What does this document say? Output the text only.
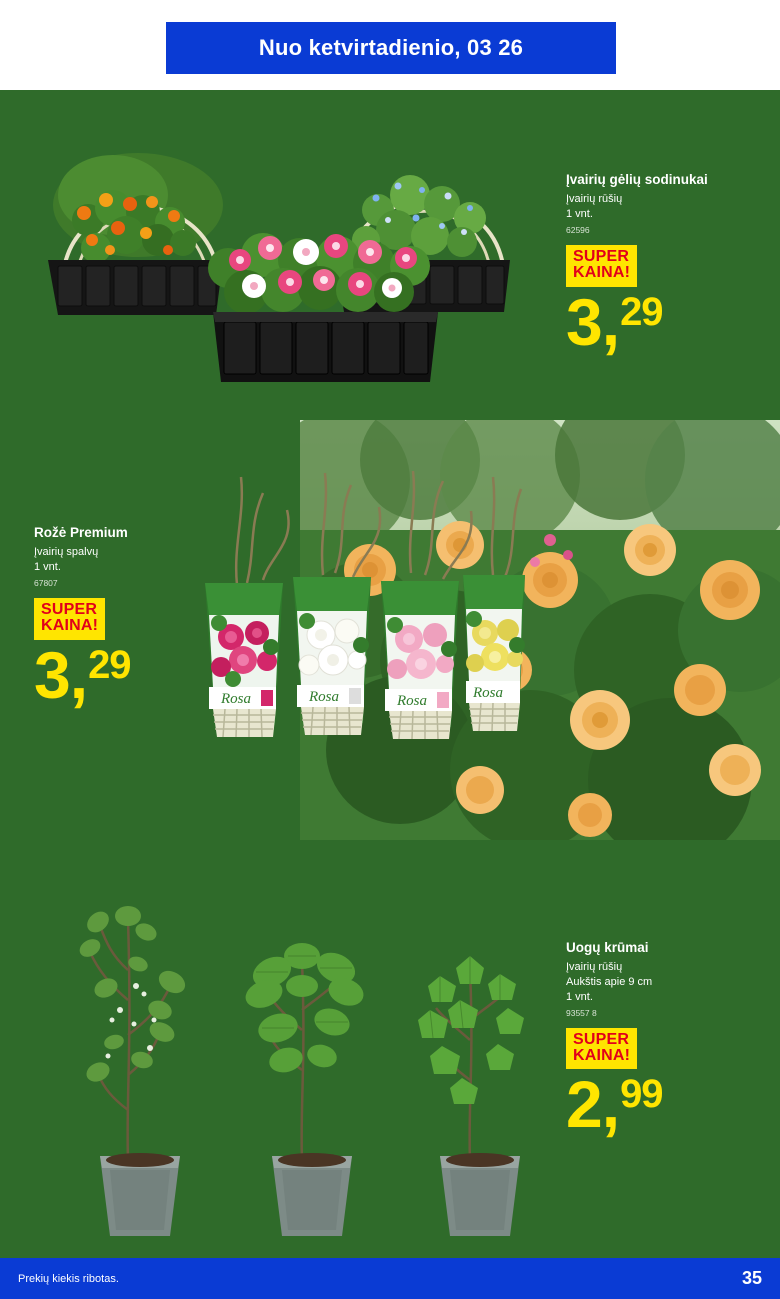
Nuo ketvirtadienio, 03 26
Įvairių gėlių sodinukai
Įvairių rūšių
1 vnt.
62596
SUPER
KAINA!
3,29
Rosa	Rosa	Rosa	Rosa
Rožė Premium
Įvairių spalvų
1 vnt.
67807
SUPER
KAINA!
3,29
Uogų krūmai
Įvairių rūšių
Aukštis apie 9 cm
1 vnt.
93557 8
SUPER
KAINA!
2,99
Prekių kiekis ribotas.	35
